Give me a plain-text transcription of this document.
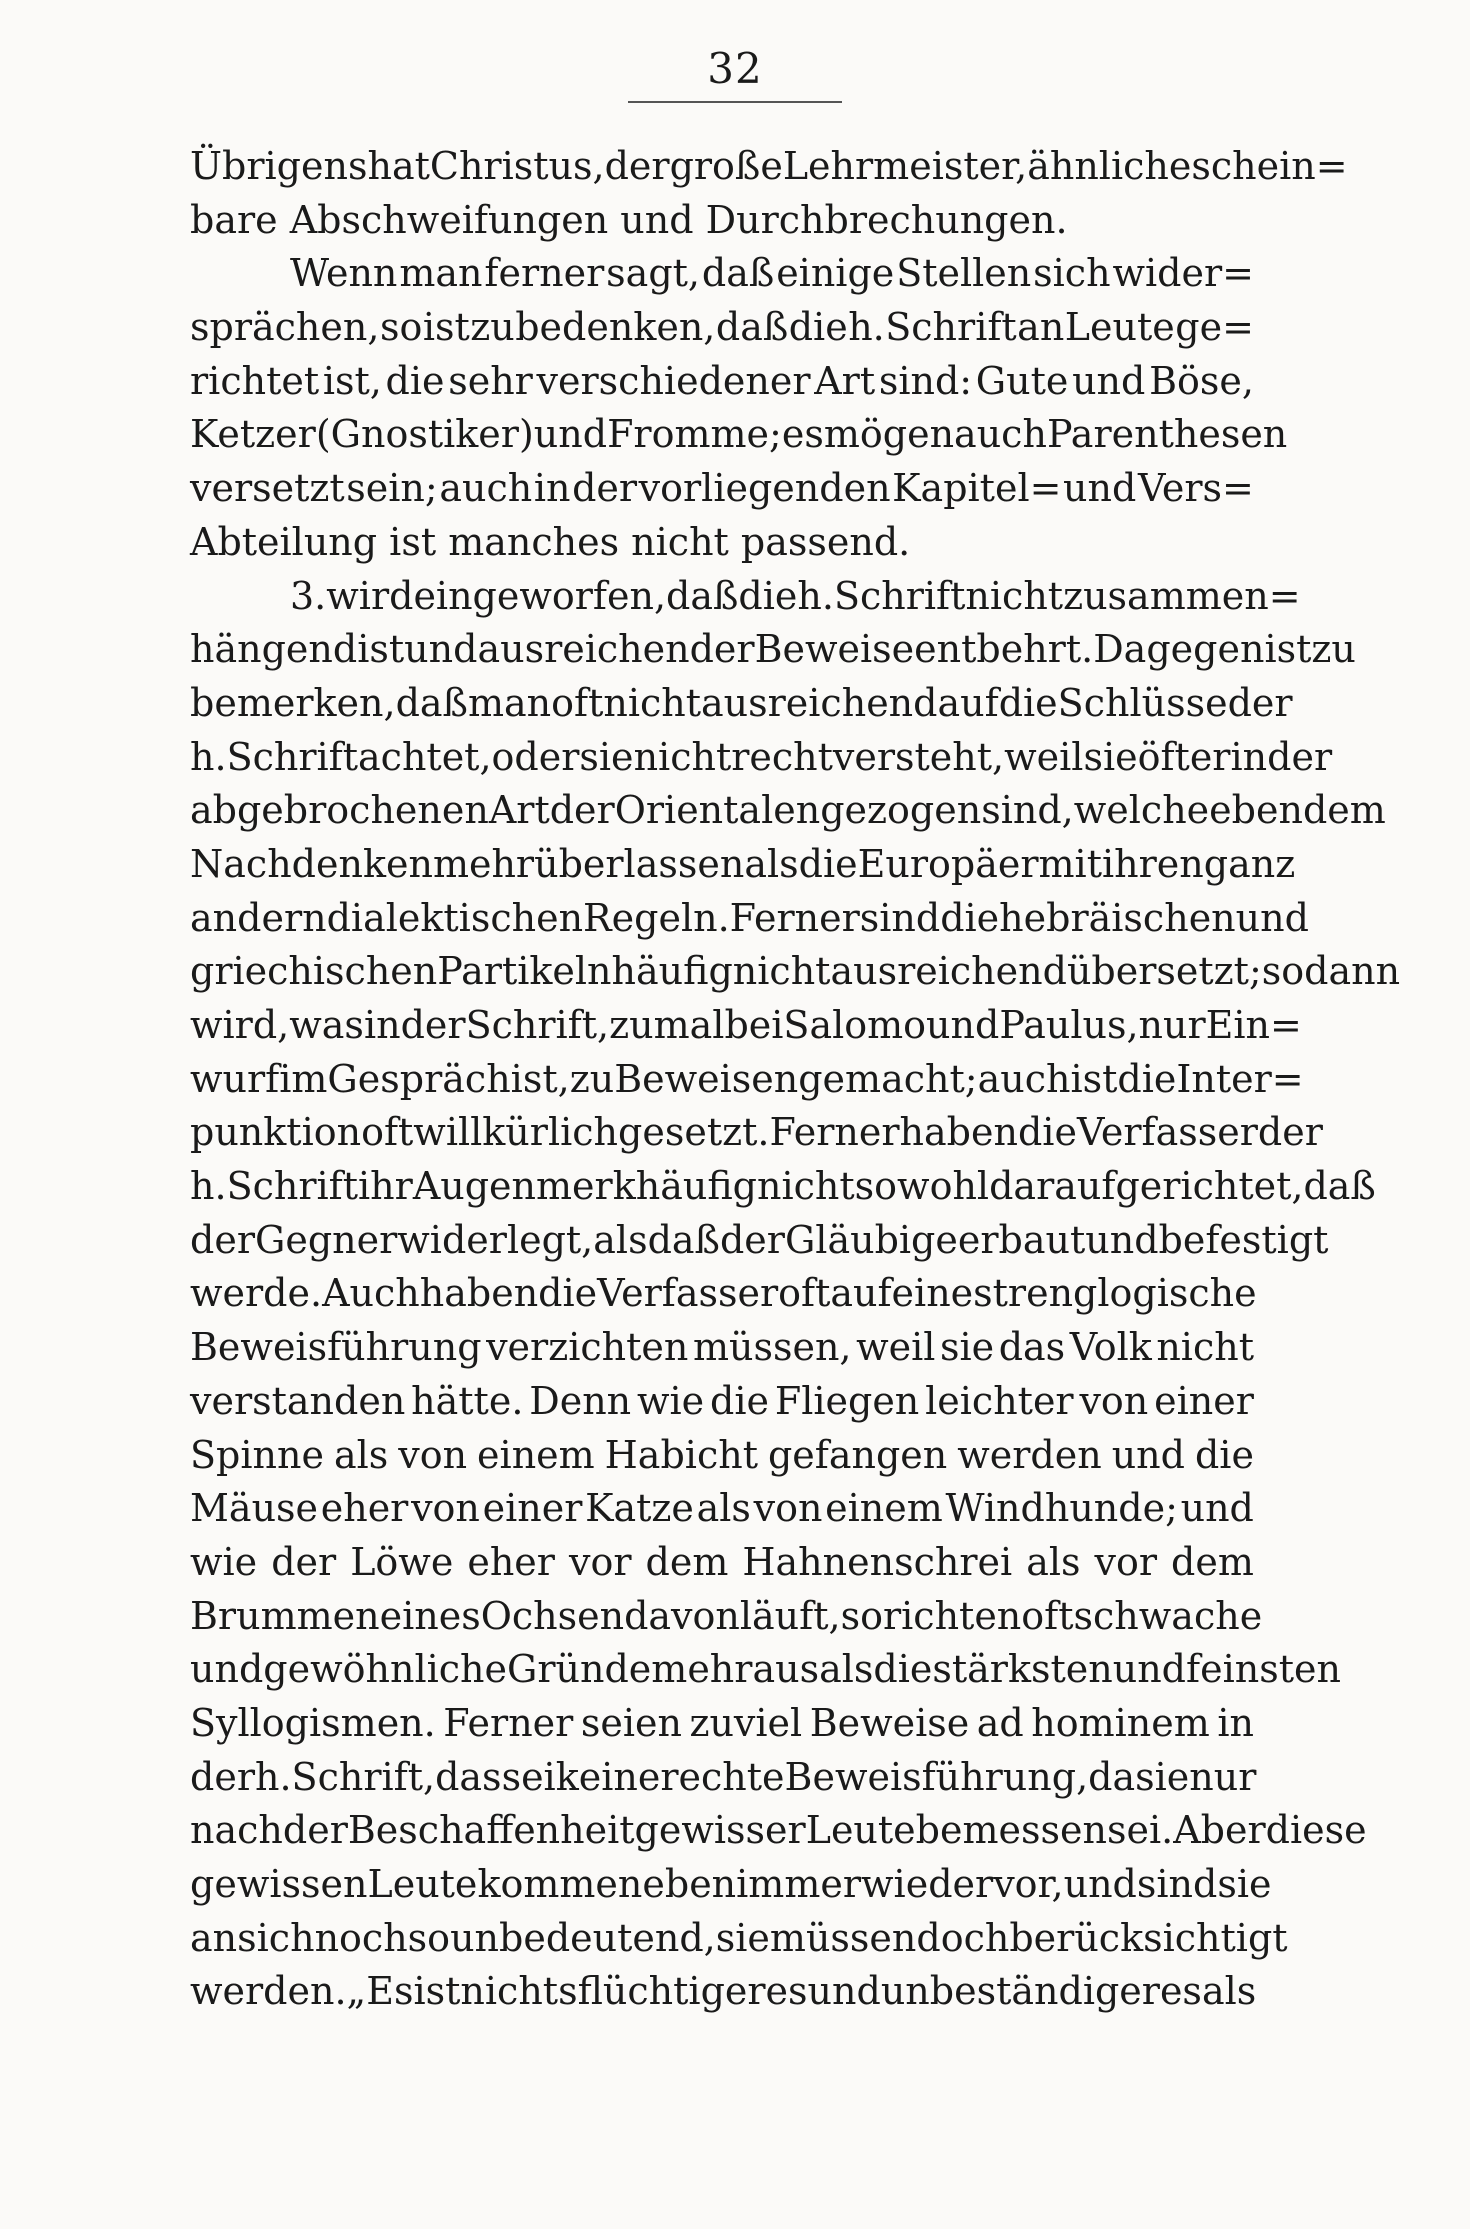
32
Übrigens hat Christus, der große Lehrmeister, ähnliche schein=
bare Abschweifungen und Durchbrechungen.
Wenn man ferner sagt, daß einige Stellen sich wider=
sprächen, so ist zu bedenken, daß die h. Schrift an Leute ge=
richtet ist, die sehr verschiedener Art sind: Gute und Böse,
Ketzer (Gnostiker) und Fromme; es mögen auch Parenthesen
versetzt sein; auch in der vorliegenden Kapitel= und Vers=
Abteilung ist manches nicht passend.
3. wird eingeworfen, daß die h. Schrift nicht zusammen=
hängend ist und ausreichender Beweise entbehrt. Dagegen ist zu
bemerken, daß man oft nicht ausreichend auf die Schlüsse der
h. Schrift achtet, oder sie nicht recht versteht, weil sie öfter in der
abgebrochenen Art der Orientalen gezogen sind, welche eben dem
Nachdenken mehr überlassen als die Europäer mit ihren ganz
andern dialektischen Regeln. Ferner sind die hebräischen und
griechischen Partikeln häufig nicht ausreichend übersetzt; sodann
wird, was in der Schrift, zumal bei Salomo und Paulus, nur Ein=
wurf im Gespräch ist, zu Beweisen gemacht; auch ist die Inter=
punktion oft willkürlich gesetzt. Ferner haben die Verfasser der
h. Schrift ihr Augenmerk häufig nicht sowohl darauf gerichtet, daß
der Gegner widerlegt, als daß der Gläubige erbaut und befestigt
werde. Auch haben die Verfasser oft auf eine streng logische
Beweisführung verzichten müssen, weil sie das Volk nicht
verstanden hätte. Denn wie die Fliegen leichter von einer
Spinne als von einem Habicht gefangen werden und die
Mäuse eher von einer Katze als von einem Windhunde; und
wie der Löwe eher vor dem Hahnenschrei als vor dem
Brummen eines Ochsen davonläuft, so richten oft schwache
und gewöhnliche Gründe mehr aus als die stärksten und feinsten
Syllogismen. Ferner seien zuviel Beweise ad hominem in
der h. Schrift, das sei keine rechte Beweisführung, da sie nur
nach der Beschaffenheit gewisser Leute bemessen sei. Aber diese
gewissen Leute kommen eben immer wieder vor, und sind sie
an sich noch so unbedeutend, sie müssen doch berücksichtigt
werden. „Es ist nichts flüchtigeres und unbeständigeres als
